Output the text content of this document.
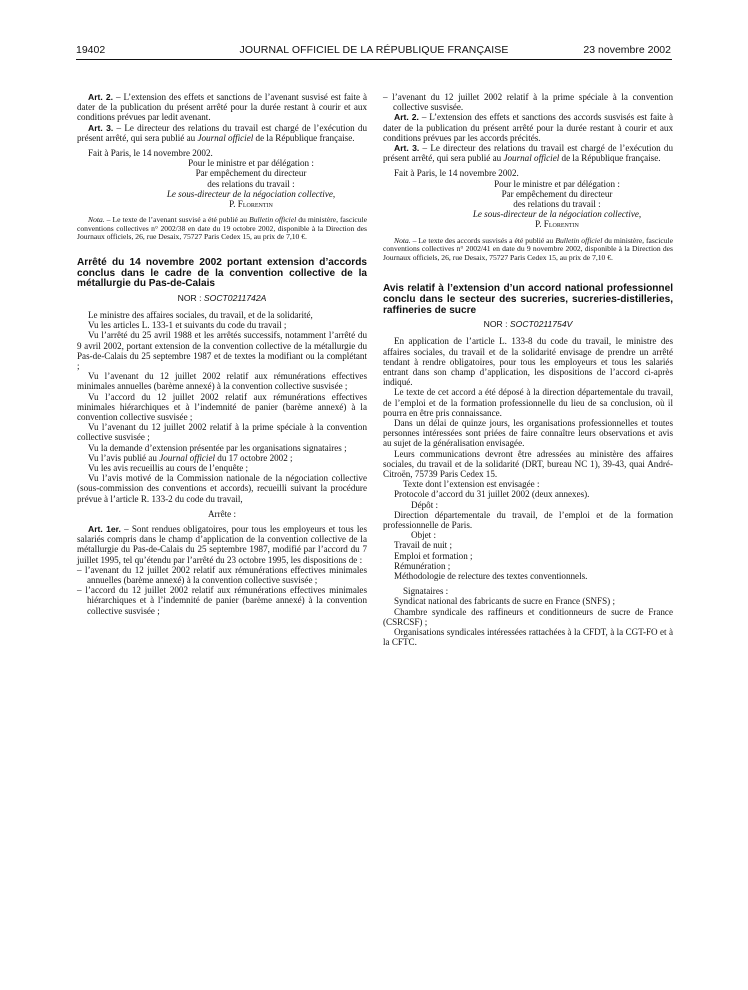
19402	JOURNAL OFFICIEL DE LA RÉPUBLIQUE FRANÇAISE	23 novembre 2002

Art. 2. – L’extension des effets et sanctions de l’avenant susvisé est faite à dater de la publication du présent arrêté pour la durée restant à courir et aux conditions prévues par ledit avenant.

Art. 3. – Le directeur des relations du travail est chargé de l’exécution du présent arrêté, qui sera publié au Journal officiel de la République française.

Fait à Paris, le 14 novembre 2002.

Pour le ministre et par délégation :

Par empêchement du directeur

des relations du travail :

Le sous-directeur de la négociation collective,

P. Florentin

Nota. – Le texte de l’avenant susvisé a été publié au Bulletin officiel du ministère, fascicule conventions collectives n° 2002/38 en date du 19 octobre 2002, disponible à la Direction des Journaux officiels, 26, rue Desaix, 75727 Paris Cedex 15, au prix de 7,10 €.

Arrêté du 14 novembre 2002 portant extension d’accords conclus dans le cadre de la convention collective de la métallurgie du Pas-de-Calais

NOR : SOCT0211742A

Le ministre des affaires sociales, du travail, et de la solidarité,

Vu les articles L. 133-1 et suivants du code du travail ;

Vu l’arrêté du 25 avril 1988 et les arrêtés successifs, notamment l’arrêté du 9 avril 2002, portant extension de la convention collective de la métallurgie du Pas-de-Calais du 25 septembre 1987 et de textes la modifiant ou la complétant ;

Vu l’avenant du 12 juillet 2002 relatif aux rémunérations effectives minimales annuelles (barème annexé) à la convention collective susvisée ;

Vu l’accord du 12 juillet 2002 relatif aux rémunérations effectives minimales hiérarchiques et à l’indemnité de panier (barème annexé) à la convention collective susvisée ;

Vu l’avenant du 12 juillet 2002 relatif à la prime spéciale à la convention collective susvisée ;

Vu la demande d’extension présentée par les organisations signataires ;

Vu l’avis publié au Journal officiel du 17 octobre 2002 ;

Vu les avis recueillis au cours de l’enquête ;

Vu l’avis motivé de la Commission nationale de la négociation collective (sous-commission des conventions et accords), recueilli suivant la procédure prévue à l’article R. 133-2 du code du travail,

Arrête :

Art. 1er. – Sont rendues obligatoires, pour tous les employeurs et tous les salariés compris dans le champ d’application de la convention collective de la métallurgie du Pas-de-Calais du 25 septembre 1987, modifié par l’accord du 7 juillet 1995, tel qu’étendu par l’arrêté du 23 octobre 1995, les dispositions de :

– l’avenant du 12 juillet 2002 relatif aux rémunérations effectives minimales annuelles (barème annexé) à la convention collective susvisée ;

– l’accord du 12 juillet 2002 relatif aux rémunérations effectives minimales hiérarchiques et à l’indemnité de panier (barème annexé) à la convention collective susvisée ;

– l’avenant du 12 juillet 2002 relatif à la prime spéciale à la convention collective susvisée.

Art. 2. – L’extension des effets et sanctions des accords susvisés est faite à dater de la publication du présent arrêté pour la durée restant à courir et aux conditions prévues par les accords précités.

Art. 3. – Le directeur des relations du travail est chargé de l’exécution du présent arrêté, qui sera publié au Journal officiel de la République française.

Fait à Paris, le 14 novembre 2002.

Pour le ministre et par délégation :

Par empêchement du directeur

des relations du travail :

Le sous-directeur de la négociation collective,

P. Florentin

Nota. – Le texte des accords susvisés a été publié au Bulletin officiel du ministère, fascicule conventions collectives n° 2002/41 en date du 9 novembre 2002, disponible à la Direction des Journaux officiels, 26, rue Desaix, 75727 Paris Cedex 15, au prix de 7,10 €.

Avis relatif à l’extension d’un accord national professionnel conclu dans le secteur des sucreries, sucreries-distilleries, raffineries de sucre

NOR : SOCT0211754V

En application de l’article L. 133-8 du code du travail, le ministre des affaires sociales, du travail et de la solidarité envisage de prendre un arrêté tendant à rendre obligatoires, pour tous les employeurs et tous les salariés entrant dans son champ d’application, les dispositions de l’accord ci-après indiqué.

Le texte de cet accord a été déposé à la direction départementale du travail, de l’emploi et de la formation professionnelle du lieu de sa conclusion, où il pourra en être pris connaissance.

Dans un délai de quinze jours, les organisations professionnelles et toutes personnes intéressées sont priées de faire connaître leurs observations et avis au sujet de la généralisation envisagée.

Leurs communications devront être adressées au ministère des affaires sociales, du travail et de la solidarité (DRT, bureau NC 1), 39-43, quai André-Citroën, 75739 Paris Cedex 15.

Texte dont l’extension est envisagée :

Protocole d’accord du 31 juillet 2002 (deux annexes).

Dépôt :

Direction départementale du travail, de l’emploi et de la formation professionnelle de Paris.

Objet :

Travail de nuit ;

Emploi et formation ;

Rémunération ;

Méthodologie de relecture des textes conventionnels.

Signataires :

Syndicat national des fabricants de sucre en France (SNFS) ;

Chambre syndicale des raffineurs et conditionneurs de sucre de France (CSRCSF) ;

Organisations syndicales intéressées rattachées à la CFDT, à la CGT-FO et à la CFTC.
